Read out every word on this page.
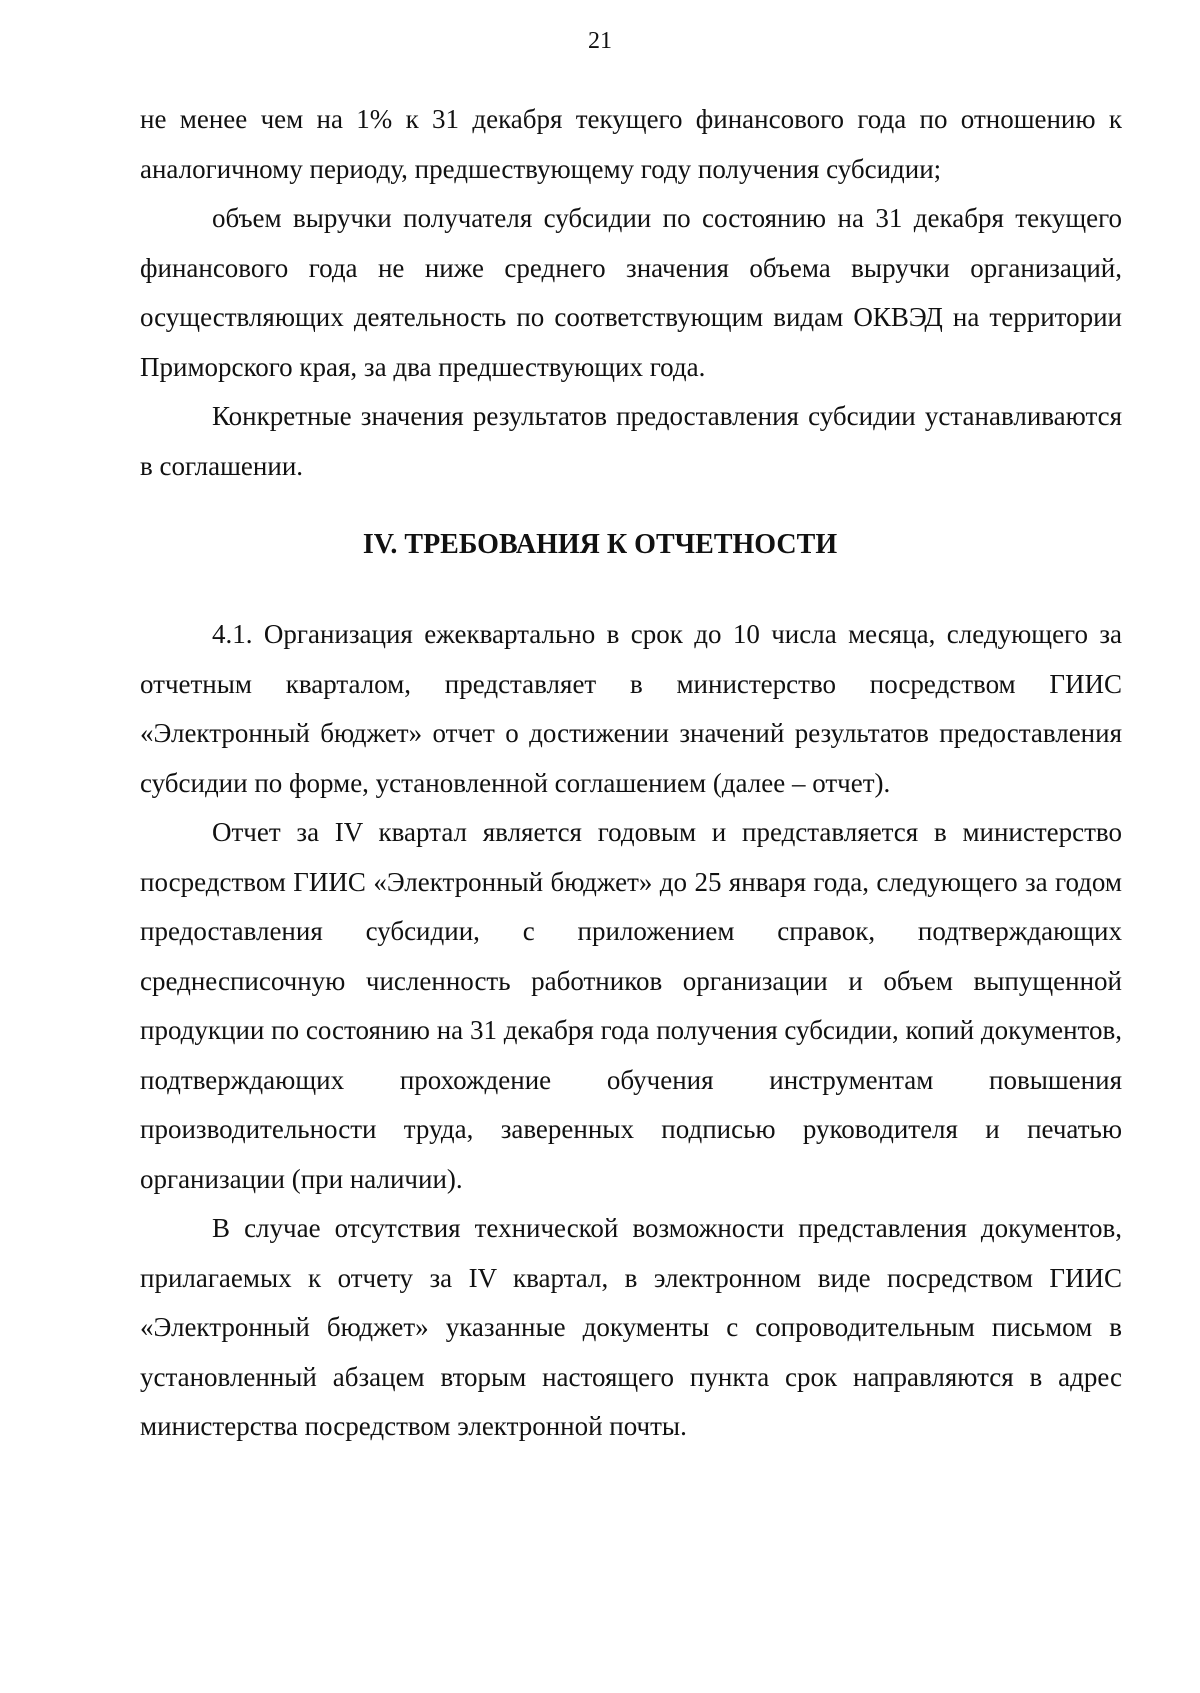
21

не менее чем на 1% к 31 декабря текущего финансового года по отношению к аналогичному периоду, предшествующему году получения субсидии;

объем выручки получателя субсидии по состоянию на 31 декабря текущего финансового года не ниже среднего значения объема выручки организаций, осуществляющих деятельность по соответствующим видам ОКВЭД на территории Приморского края, за два предшествующих года.

Конкретные значения результатов предоставления субсидии устанавливаются в соглашении.

IV. ТРЕБОВАНИЯ К ОТЧЕТНОСТИ

4.1. Организация ежеквартально в срок до 10 числа месяца, следующего за отчетным кварталом, представляет в министерство посредством ГИИС «Электронный бюджет» отчет о достижении значений результатов предоставления субсидии по форме, установленной соглашением (далее – отчет).

Отчет за IV квартал является годовым и представляется в министерство посредством ГИИС «Электронный бюджет» до 25 января года, следующего за годом предоставления субсидии, с приложением справок, подтверждающих среднесписочную численность работников организации и объем выпущенной продукции по состоянию на 31 декабря года получения субсидии, копий документов, подтверждающих прохождение обучения инструментам повышения производительности труда, заверенных подписью руководителя и печатью организации (при наличии).

В случае отсутствия технической возможности представления документов, прилагаемых к отчету за IV квартал, в электронном виде посредством ГИИС «Электронный бюджет» указанные документы с сопроводительным письмом в установленный абзацем вторым настоящего пункта срок направляются в адрес министерства посредством электронной почты.
